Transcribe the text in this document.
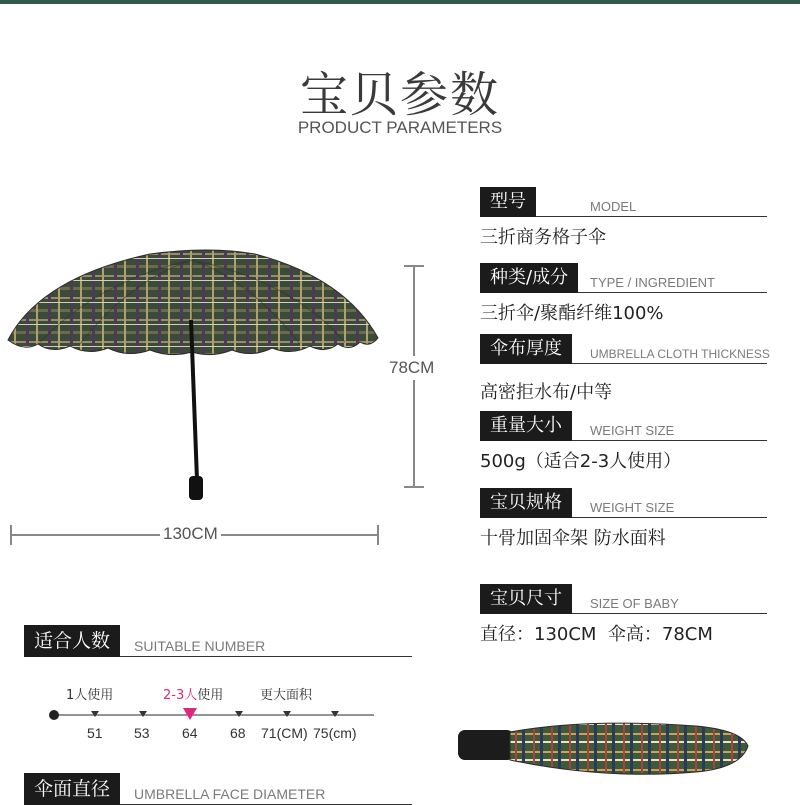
宝贝参数
PRODUCT PARAMETERS
78CM
130CM
型号	MODEL
三折商务格子伞
种类/成分	TYPE / INGREDIENT
三折伞/聚酯纤维100%
伞布厚度	UMBRELLA CLOTH THICKNESS
高密拒水布/中等
重量大小	WEIGHT SIZE
500g（适合2-3人使用）
宝贝规格	WEIGHT SIZE
十骨加固伞架 防水面料
宝贝尺寸	SIZE OF BABY
直径：130CM  伞高：78CM
适合人数	SUITABLE NUMBER
1人使用	2-3人使用	更大面积
51 53 64 68 71(CM) 75(cm)
伞面直径	UMBRELLA FACE DIAMETER
